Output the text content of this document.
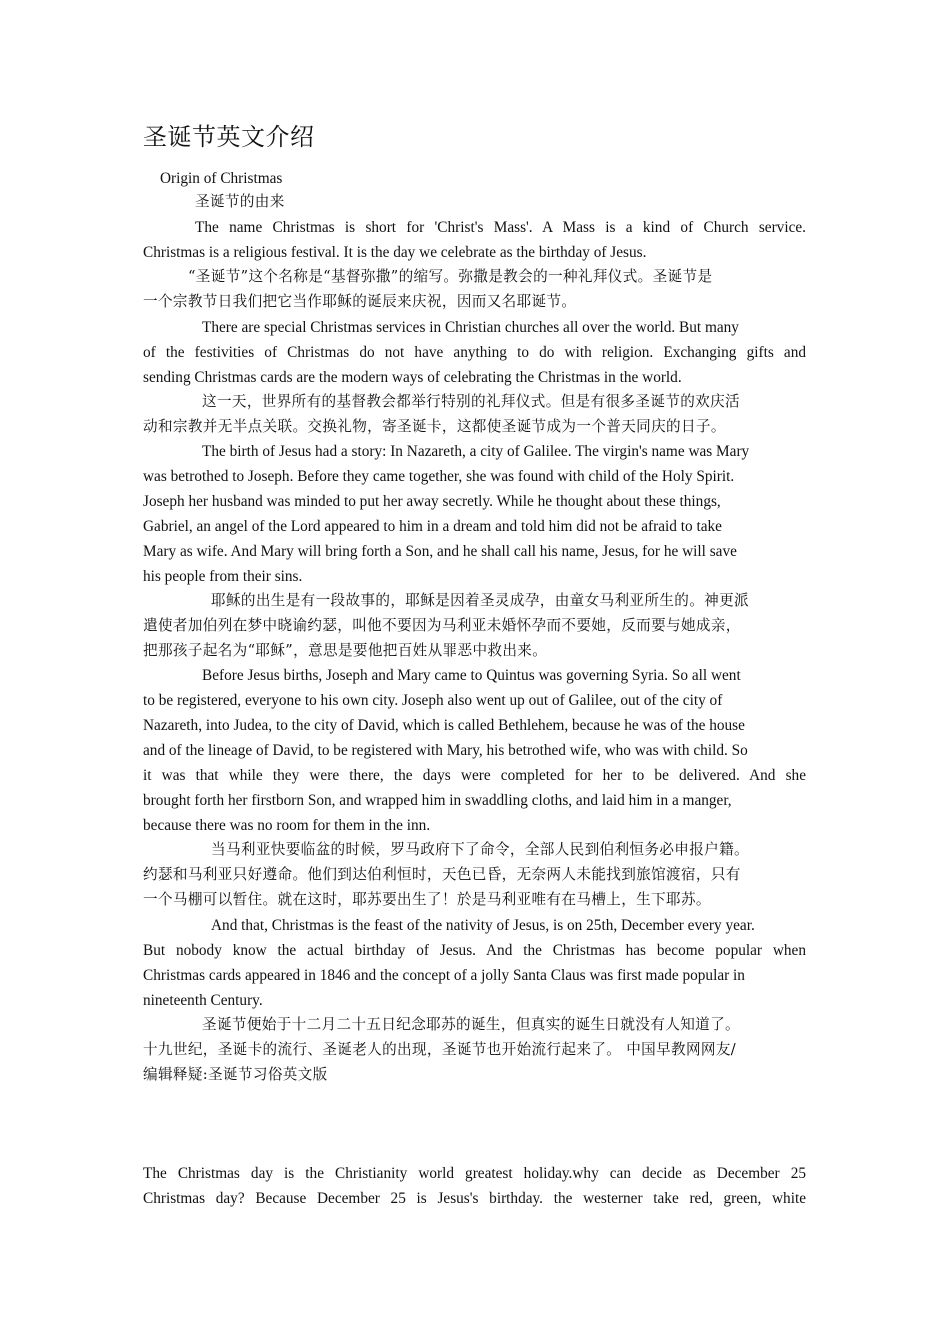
圣诞节英文介绍
Origin of Christmas
圣诞节的由来
The name Christmas is short for 'Christ's Mass'. A Mass is a kind of Church service.
Christmas is a religious festival. It is the day we celebrate as the birthday of Jesus.
“圣诞节”这个名称是“基督弥撒”的缩写。弥撒是教会的一种礼拜仪式。圣诞节是
一个宗教节日我们把它当作耶稣的诞辰来庆祝，因而又名耶诞节。
There are special Christmas services in Christian churches all over the world. But many
of the festivities of Christmas do not have anything to do with religion. Exchanging gifts and
sending Christmas cards are the modern ways of celebrating the Christmas in the world.
这一天，世界所有的基督教会都举行特别的礼拜仪式。但是有很多圣诞节的欢庆活
动和宗教并无半点关联。交换礼物，寄圣诞卡，这都使圣诞节成为一个普天同庆的日子。
The birth of Jesus had a story: In Nazareth, a city of Galilee. The virgin's name was Mary
was betrothed to Joseph. Before they came together, she was found with child of the Holy Spirit.
Joseph her husband was minded to put her away secretly. While he thought about these things,
Gabriel, an angel of the Lord appeared to him in a dream and told him did not be afraid to take
Mary as wife. And Mary will bring forth a Son, and he shall call his name, Jesus, for he will save
his people from their sins.
耶稣的出生是有一段故事的，耶稣是因着圣灵成孕，由童女马利亚所生的。神更派
遣使者加伯列在梦中晓谕约瑟，叫他不要因为马利亚未婚怀孕而不要她，反而要与她成亲，
把那孩子起名为“耶稣”，意思是要他把百姓从罪恶中救出来。
Before Jesus births, Joseph and Mary came to Quintus was governing Syria. So all went
to be registered, everyone to his own city. Joseph also went up out of Galilee, out of the city of
Nazareth, into Judea, to the city of David, which is called Bethlehem, because he was of the house
and of the lineage of David, to be registered with Mary, his betrothed wife, who was with child. So
it was that while they were there, the days were completed for her to be delivered. And she
brought forth her firstborn Son, and wrapped him in swaddling cloths, and laid him in a manger,
because there was no room for them in the inn.
当马利亚快要临盆的时候，罗马政府下了命令，全部人民到伯利恒务必申报户籍。
约瑟和马利亚只好遵命。他们到达伯利恒时，天色已昏，无奈两人未能找到旅馆渡宿，只有
一个马棚可以暂住。就在这时，耶苏要出生了！於是马利亚唯有在马槽上，生下耶苏。
And that, Christmas is the feast of the nativity of Jesus, is on 25th, December every year.
But nobody know the actual birthday of Jesus. And the Christmas has become popular when
Christmas cards appeared in 1846 and the concept of a jolly Santa Claus was first made popular in
nineteenth Century.
圣诞节便始于十二月二十五日纪念耶苏的诞生，但真实的诞生日就没有人知道了。
十九世纪，圣诞卡的流行、圣诞老人的出现，圣诞节也开始流行起来了。 中国早教网网友/
编辑释疑:圣诞节习俗英文版
The Christmas day is the Christianity world greatest holiday.why can decide as December 25
Christmas day? Because December 25 is Jesus's birthday. the westerner take red, green, white
